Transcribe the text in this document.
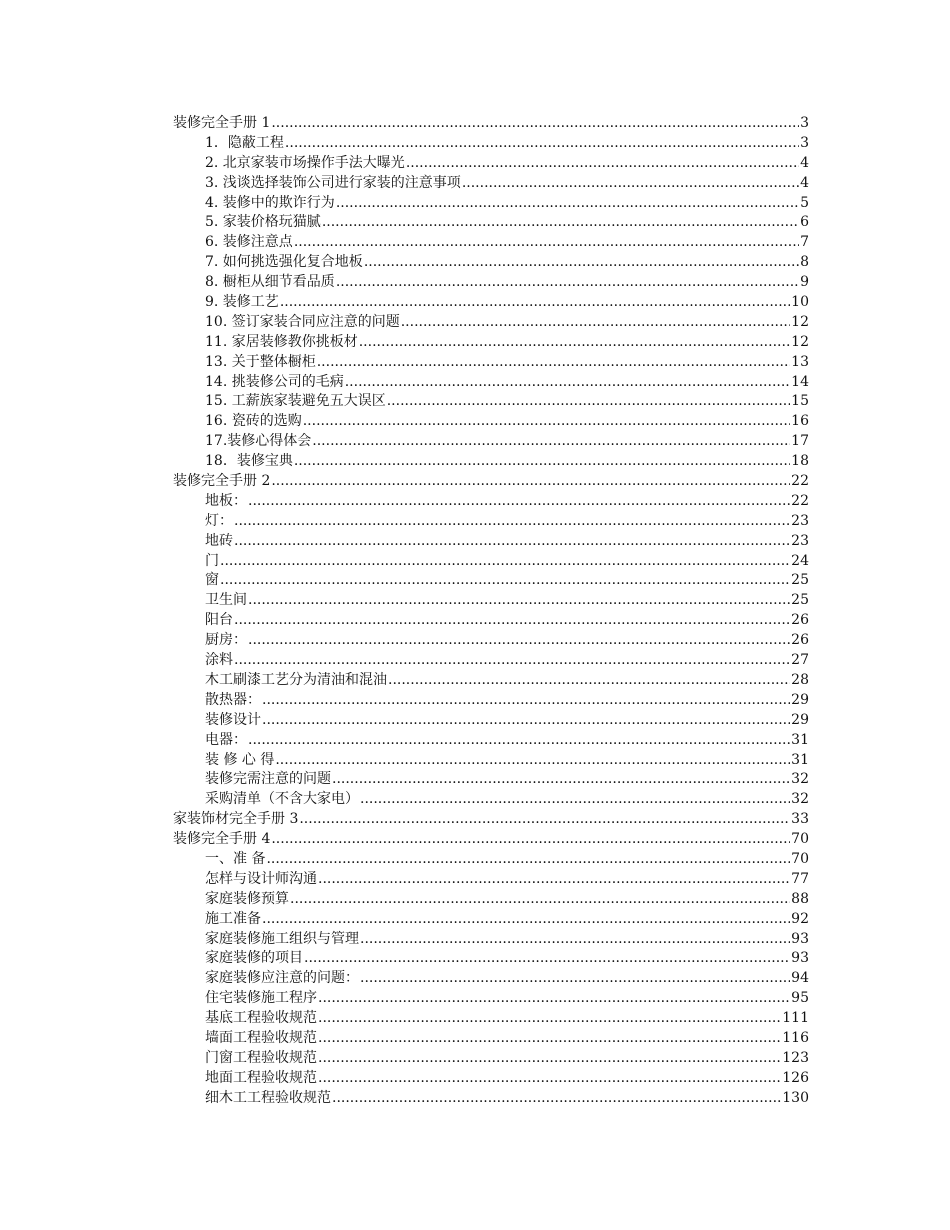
装修完全手册 1 .....	3
1．隐蔽工程 .....	3
2. 北京家装市场操作手法大曝光 .....	4
3. 浅谈选择装饰公司进行家装的注意事项 .....	4
4. 装修中的欺诈行为 .....	5
5. 家装价格玩猫腻 .....	6
6. 装修注意点 .....	7
7. 如何挑选强化复合地板 .....	8
8. 橱柜从细节看品质 .....	9
9. 装修工艺 .....	10
10. 签订家装合同应注意的问题 .....	12
11. 家居装修教你挑板材 .....	12
13. 关于整体橱柜 .....	13
14. 挑装修公司的毛病 .....	14
15. 工薪族家装避免五大误区 .....	15
16. 瓷砖的选购 .....	16
17.装修心得体会 .....	17
18．装修宝典 .....	18
装修完全手册 2 .....	22
地板： .....	22
灯： .....	23
地砖 .....	23
门 .....	24
窗 .....	25
卫生间 .....	25
阳台 .....	26
厨房： .....	26
涂料 .....	27
木工刷漆工艺分为清油和混油 .....	28
散热器： .....	29
装修设计 .....	29
电器： .....	31
装 修 心 得 .....	31
装修完需注意的问题 .....	32
采购清单（不含大家电） .....	32
家装饰材完全手册 3 .....	33
装修完全手册 4 .....	70
一、准 备 .....	70
怎样与设计师沟通 .....	77
家庭装修预算 .....	88
施工准备 .....	92
家庭装修施工组织与管理 .....	93
家庭装修的项目 .....	93
家庭装修应注意的问题： .....	94
住宅装修施工程序 .....	95
基底工程验收规范 .....	111
墙面工程验收规范 .....	116
门窗工程验收规范 .....	123
地面工程验收规范 .....	126
细木工工程验收规范 .....	130
